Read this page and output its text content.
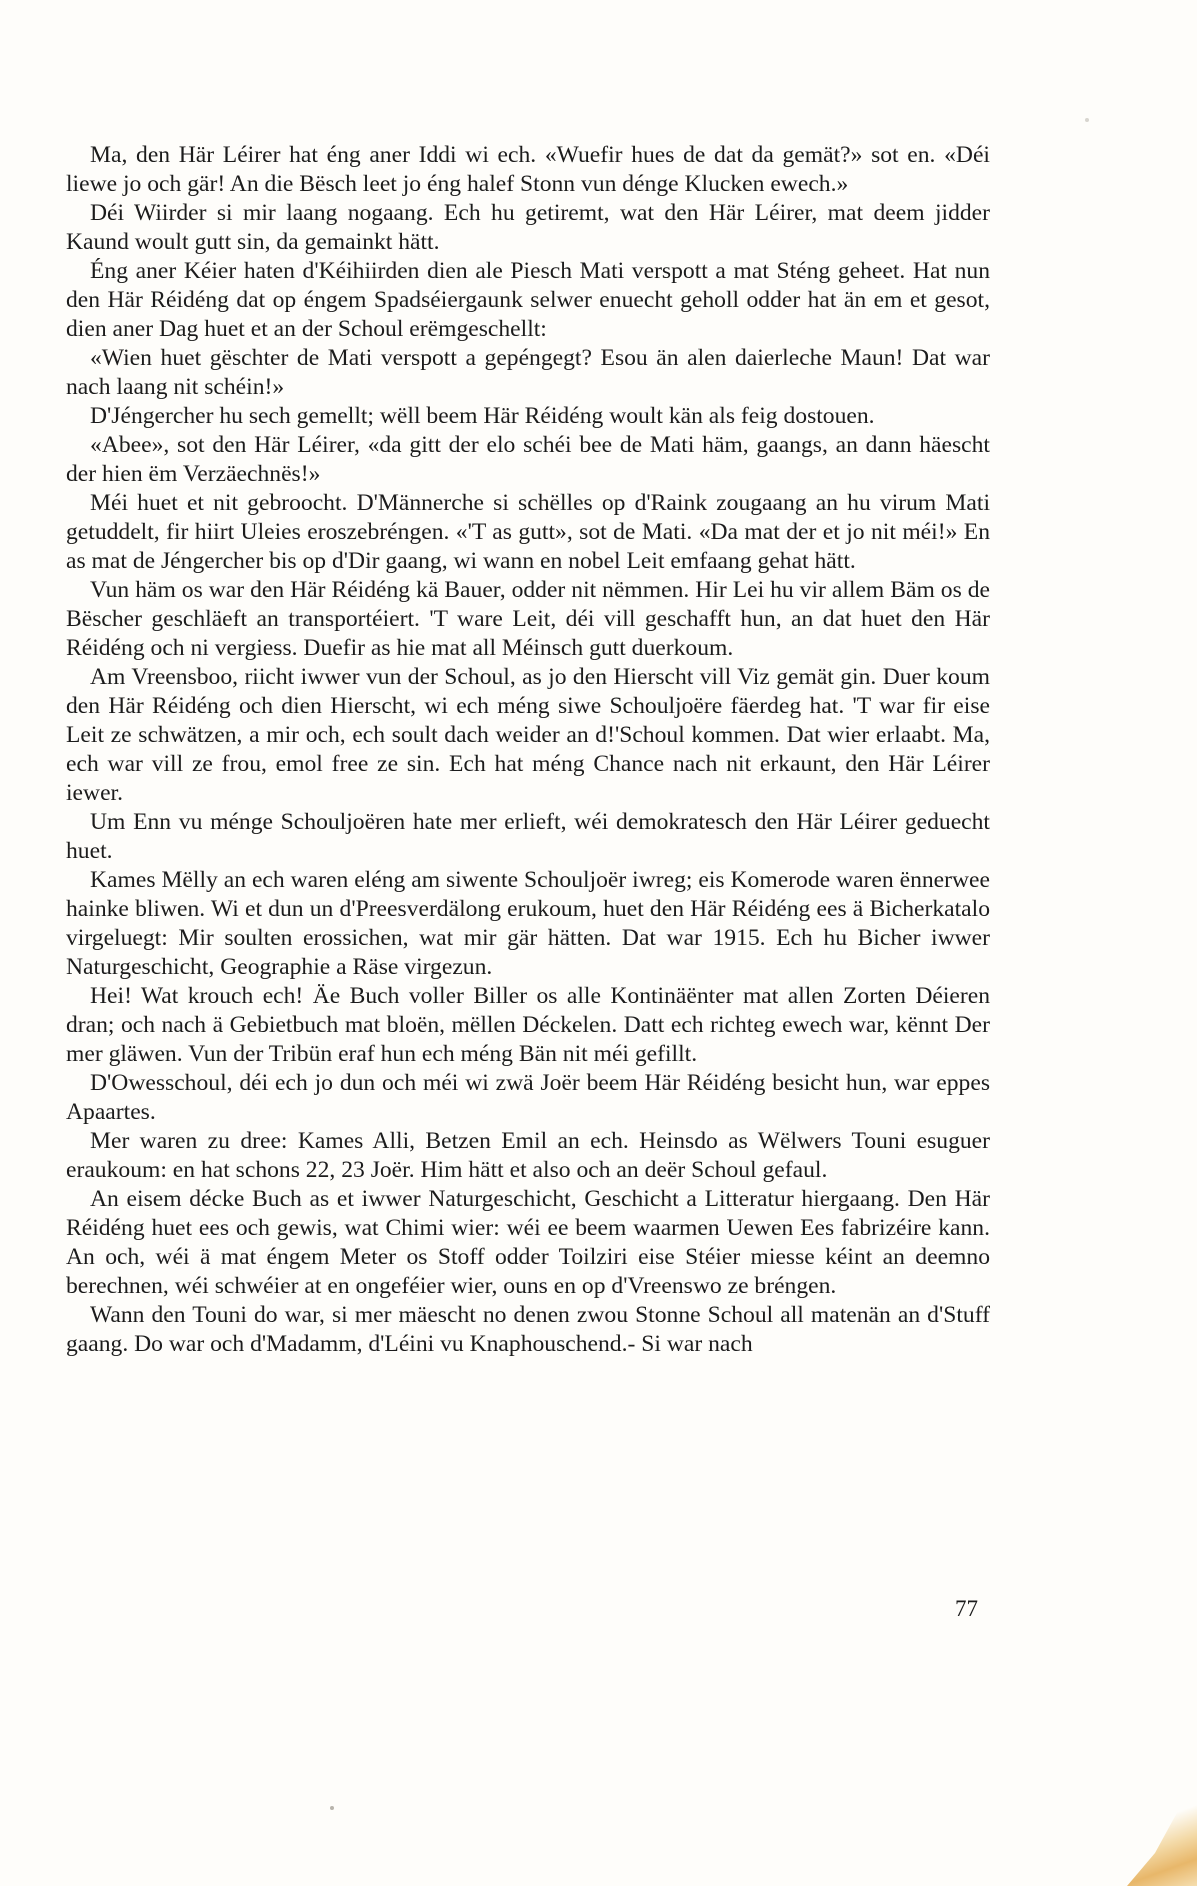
Ma, den Här Léirer hat éng aner Iddi wi ech. «Wuefir hues de dat da gemät?» sot en. «Déi liewe jo och gär! An die Bësch leet jo éng halef Stonn vun dénge Klucken ewech.»

Déi Wiirder si mir laang nogaang. Ech hu getiremt, wat den Här Léirer, mat deem jidder Kaund woult gutt sin, da gemainkt hätt.

Éng aner Kéier haten d'Kéihiirden dien ale Piesch Mati verspott a mat Sténg geheet. Hat nun den Här Réidéng dat op éngem Spadséiergaunk selwer enuecht geholl odder hat än em et gesot, dien aner Dag huet et an der Schoul erëmgeschellt:

«Wien huet gëschter de Mati verspott a gepéngegt? Esou än alen daierleche Maun! Dat war nach laang nit schéin!»

D'Jéngercher hu sech gemellt; wëll beem Här Réidéng woult kän als feig dostouen.

«Abee», sot den Här Léirer, «da gitt der elo schéi bee de Mati häm, gaangs, an dann häescht der hien ëm Verzäechnës!»

Méi huet et nit gebroocht. D'Männerche si schëlles op d'Raink zougaang an hu virum Mati getuddelt, fir hiirt Uleies eroszebréngen. «'T as gutt», sot de Mati. «Da mat der et jo nit méi!» En as mat de Jéngercher bis op d'Dir gaang, wi wann en nobel Leit emfaang gehat hätt.

Vun häm os war den Här Réidéng kä Bauer, odder nit nëmmen. Hir Lei hu vir allem Bäm os de Bëscher geschläeft an transportéiert. 'T ware Leit, déi vill geschafft hun, an dat huet den Här Réidéng och ni vergiess. Duefir as hie mat all Méinsch gutt duerkoum.

Am Vreensboo, riicht iwwer vun der Schoul, as jo den Hierscht vill Viz gemät gin. Duer koum den Här Réidéng och dien Hierscht, wi ech méng siwe Schouljoëre fäerdeg hat. 'T war fir eise Leit ze schwätzen, a mir och, ech soult dach weider an d!'Schoul kommen. Dat wier erlaabt. Ma, ech war vill ze frou, emol free ze sin. Ech hat méng Chance nach nit erkaunt, den Här Léirer iewer.

Um Enn vu ménge Schouljoëren hate mer erlieft, wéi demokratesch den Här Léirer geduecht huet.

Kames Mëlly an ech waren eléng am siwente Schouljoër iwreg; eis Komerode waren ënnerwee hainke bliwen. Wi et dun un d'Preesverdälong erukoum, huet den Här Réidéng ees ä Bicherkatalo virgeluegt: Mir soulten erossichen, wat mir gär hätten. Dat war 1915. Ech hu Bicher iwwer Naturgeschicht, Geographie a Räse virgezun.

Hei! Wat krouch ech! Äe Buch voller Biller os alle Kontinäënter mat allen Zorten Déieren dran; och nach ä Gebietbuch mat bloën, mëllen Déckelen. Datt ech richteg ewech war, kënnt Der mer gläwen. Vun der Tribün eraf hun ech méng Bän nit méi gefillt.

D'Owesschoul, déi ech jo dun och méi wi zwä Joër beem Här Réidéng besicht hun, war eppes Apaartes.

Mer waren zu dree: Kames Alli, Betzen Emil an ech. Heinsdo as Wëlwers Touni esuguer eraukoum: en hat schons 22, 23 Joër. Him hätt et also och an deër Schoul gefaul.

An eisem décke Buch as et iwwer Naturgeschicht, Geschicht a Litteratur hiergaang. Den Här Réidéng huet ees och gewis, wat Chimi wier: wéi ee beem waarmen Uewen Ees fabrizéire kann. An och, wéi ä mat éngem Meter os Stoff odder Toilziri eise Stéier miesse kéint an deemno berechnen, wéi schwéier at en ongeféier wier, ouns en op d'Vreenswo ze bréngen.

Wann den Touni do war, si mer mäescht no denen zwou Stonne Schoul all matenän an d'Stuff gaang. Do war och d'Madamm, d'Léini vu Knaphouschend.- Si war nach

77
